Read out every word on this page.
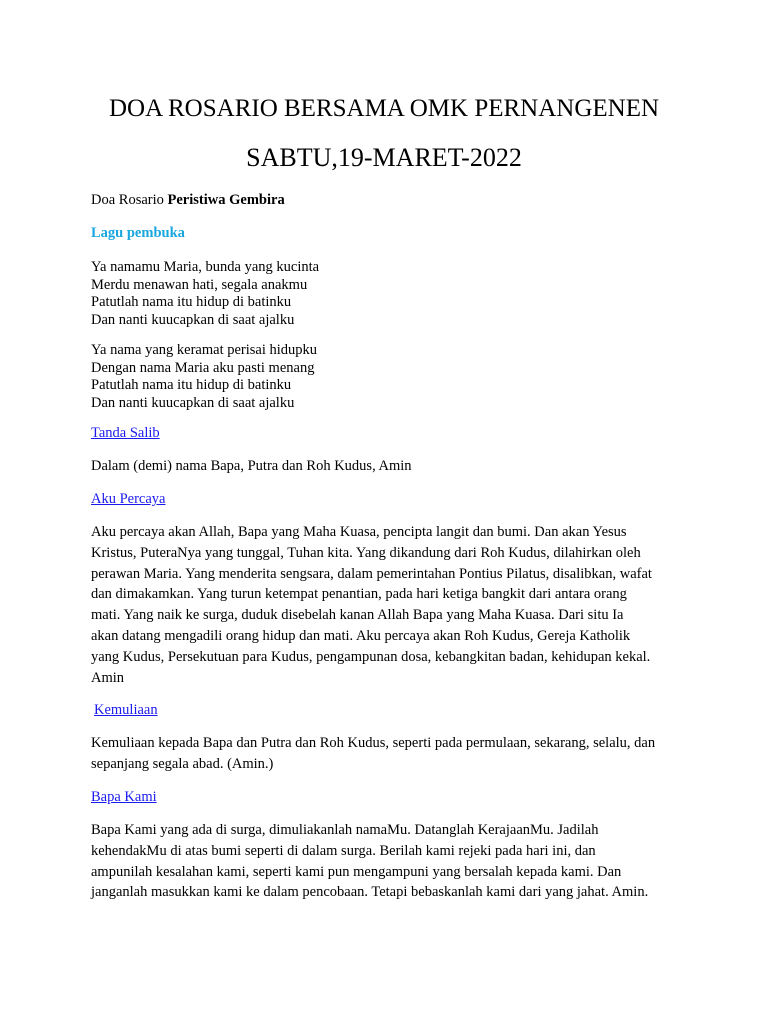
DOA ROSARIO BERSAMA OMK PERNANGENEN
SABTU,19-MARET-2022

Doa Rosario Peristiwa Gembira

Lagu pembuka

Ya namamu Maria, bunda yang kucinta
Merdu menawan hati, segala anakmu
Patutlah nama itu hidup di batinku
Dan nanti kuucapkan di saat ajalku
Ya nama yang keramat perisai hidupku
Dengan nama Maria aku pasti menang
Patutlah nama itu hidup di batinku
Dan nanti kuucapkan di saat ajalku

Tanda Salib

Dalam (demi) nama Bapa, Putra dan Roh Kudus, Amin

Aku Percaya

Aku percaya akan Allah, Bapa yang Maha Kuasa, pencipta langit dan bumi. Dan akan Yesus
Kristus, PuteraNya yang tunggal, Tuhan kita. Yang dikandung dari Roh Kudus, dilahirkan oleh
perawan Maria. Yang menderita sengsara, dalam pemerintahan Pontius Pilatus, disalibkan, wafat
dan dimakamkan. Yang turun ketempat penantian, pada hari ketiga bangkit dari antara orang
mati. Yang naik ke surga, duduk disebelah kanan Allah Bapa yang Maha Kuasa. Dari situ Ia
akan datang mengadili orang hidup dan mati. Aku percaya akan Roh Kudus, Gereja Katholik
yang Kudus, Persekutuan para Kudus, pengampunan dosa, kebangkitan badan, kehidupan kekal.
Amin

Kemuliaan

Kemuliaan kepada Bapa dan Putra dan Roh Kudus, seperti pada permulaan, sekarang, selalu, dan
sepanjang segala abad. (Amin.)

Bapa Kami

Bapa Kami yang ada di surga, dimuliakanlah namaMu. Datanglah KerajaanMu. Jadilah
kehendakMu di atas bumi seperti di dalam surga. Berilah kami rejeki pada hari ini, dan
ampunilah kesalahan kami, seperti kami pun mengampuni yang bersalah kepada kami. Dan
janganlah masukkan kami ke dalam pencobaan. Tetapi bebaskanlah kami dari yang jahat. Amin.
